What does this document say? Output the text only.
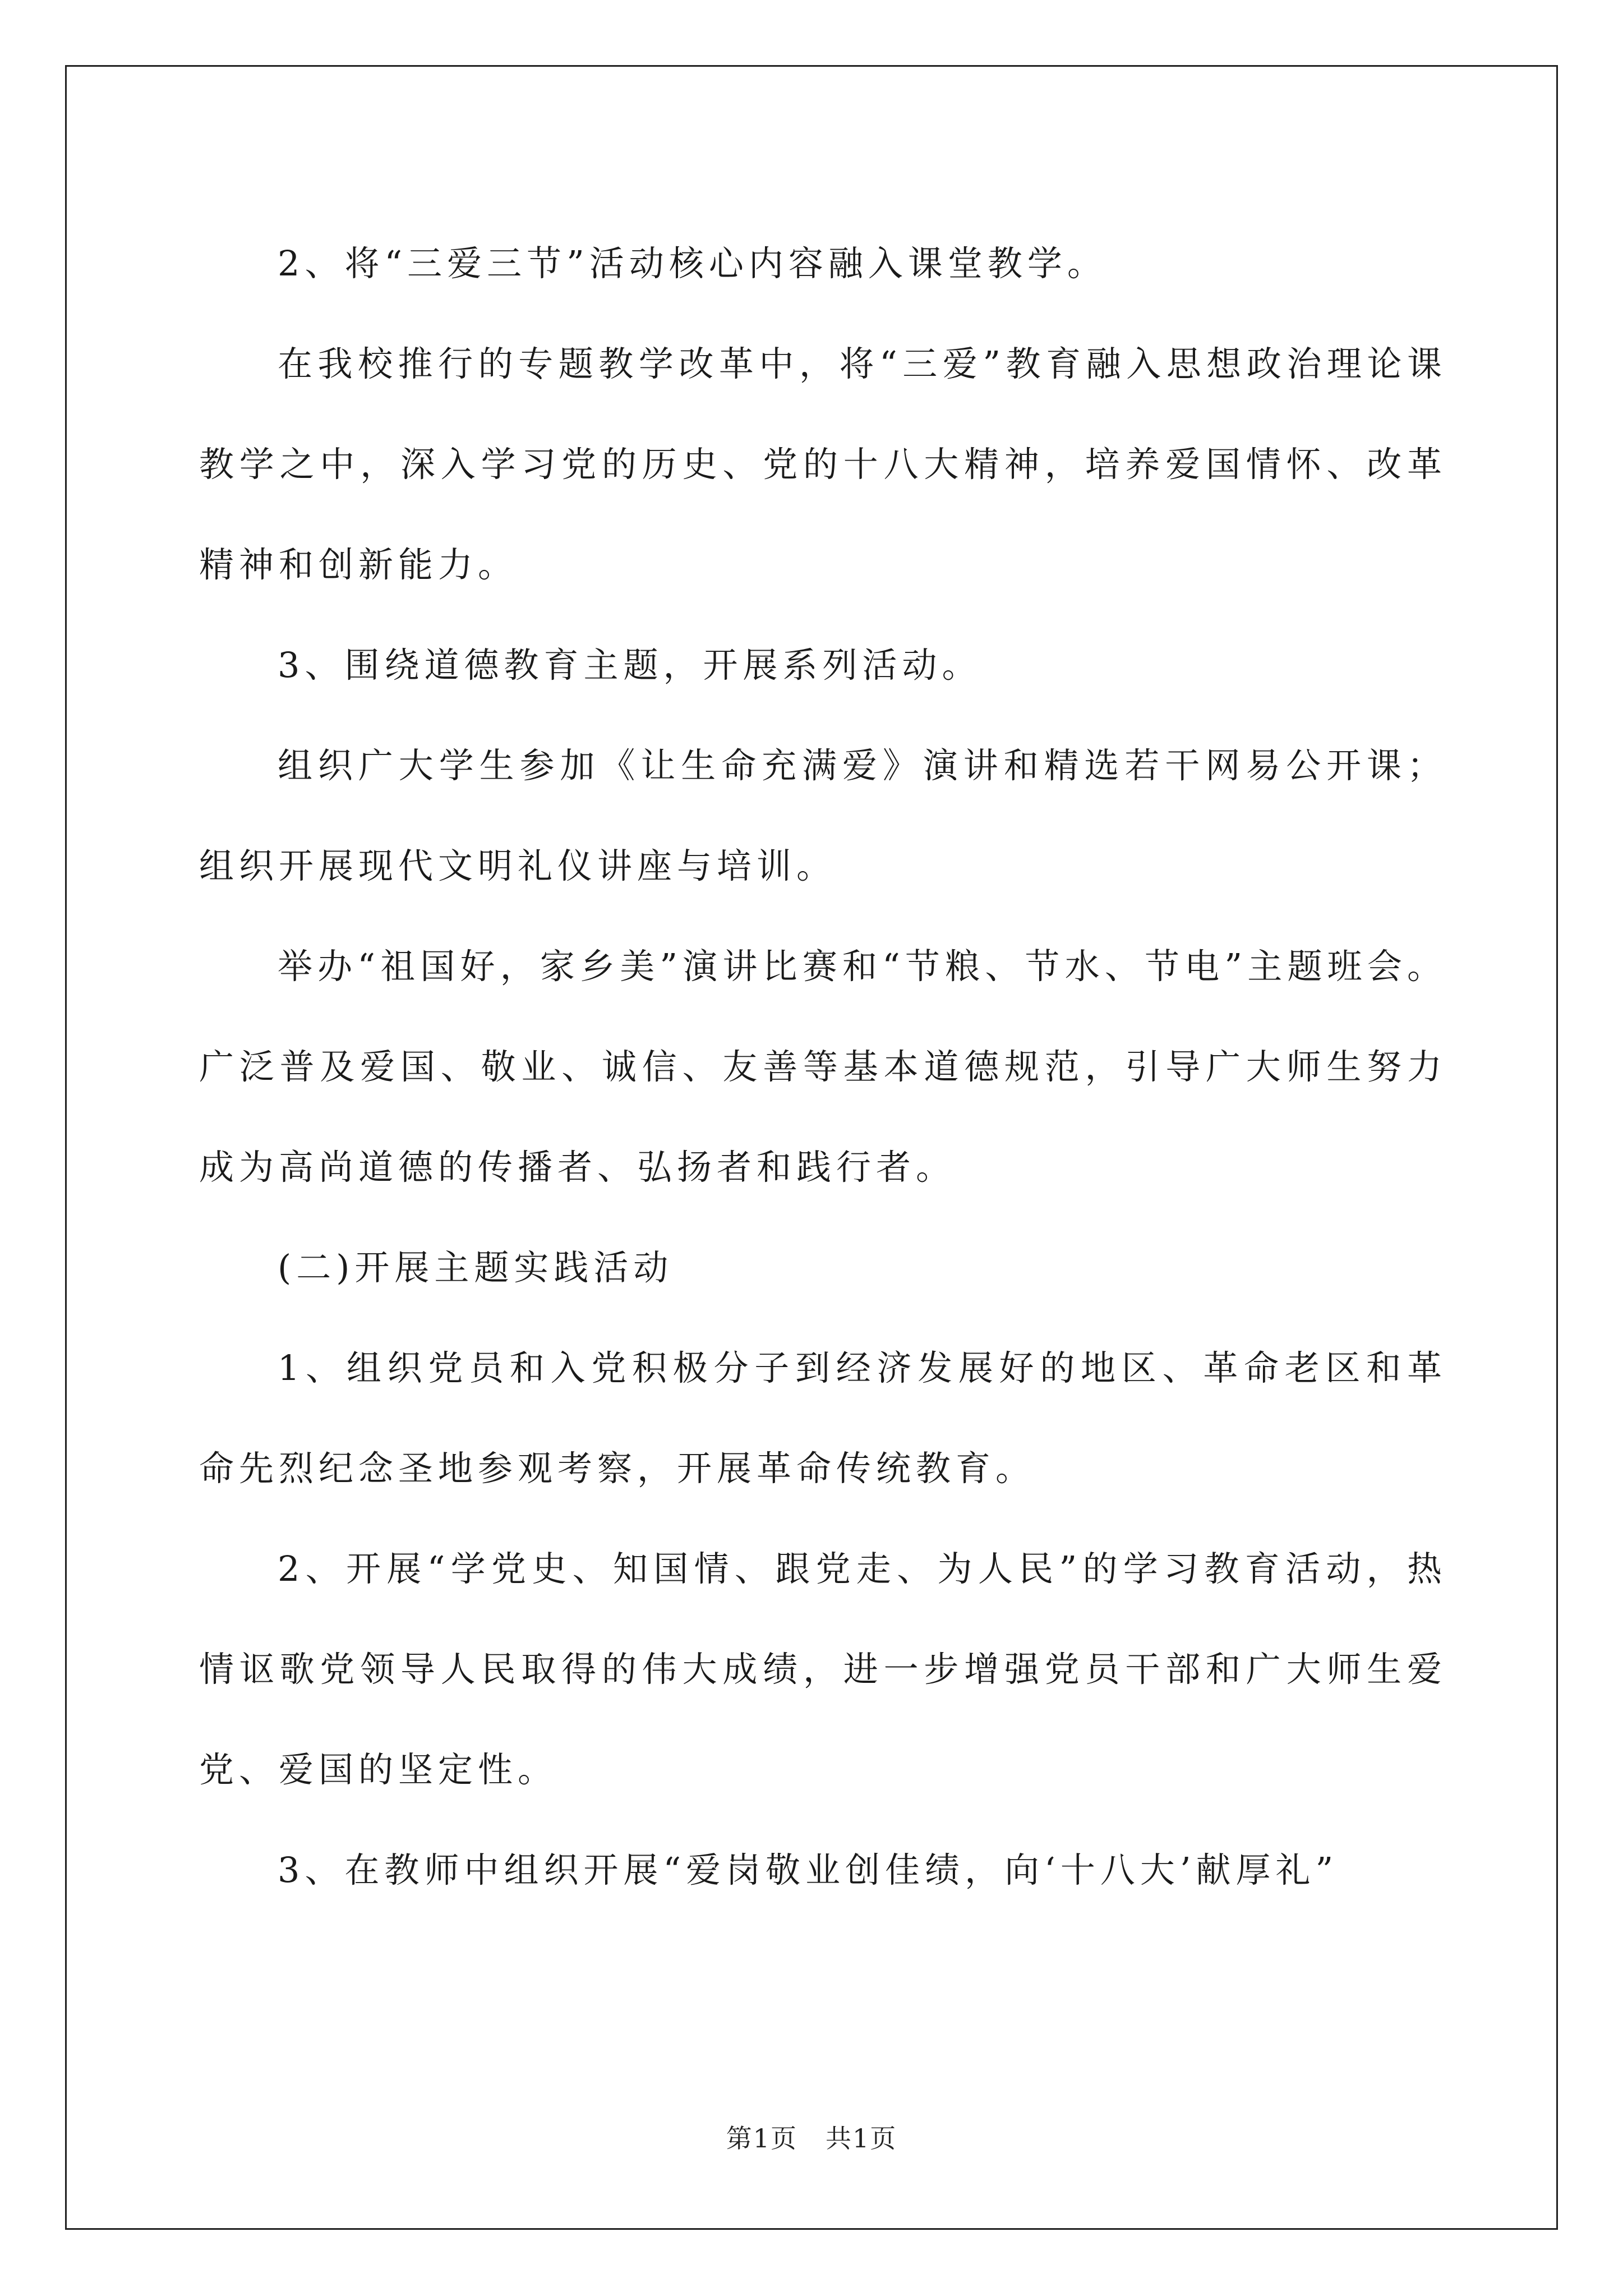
2、将“三爱三节”活动核心内容融入课堂教学。

在我校推行的专题教学改革中，将“三爱”教育融入思想政治理论课教学之中，深入学习党的历史、党的十八大精神，培养爱国情怀、改革精神和创新能力。

3、围绕道德教育主题，开展系列活动。

组织广大学生参加《让生命充满爱》演讲和精选若干网易公开课；组织开展现代文明礼仪讲座与培训。

举办“祖国好，家乡美”演讲比赛和“节粮、节水、节电”主题班会。广泛普及爱国、敬业、诚信、友善等基本道德规范，引导广大师生努力成为高尚道德的传播者、弘扬者和践行者。

(二)开展主题实践活动

1、组织党员和入党积极分子到经济发展好的地区、革命老区和革命先烈纪念圣地参观考察，开展革命传统教育。

2、开展“学党史、知国情、跟党走、为人民”的学习教育活动，热情讴歌党领导人民取得的伟大成绩，进一步增强党员干部和广大师生爱党、爱国的坚定性。

3、在教师中组织开展“爱岗敬业创佳绩，向‘十八大’献厚礼”

第1页 共1页
